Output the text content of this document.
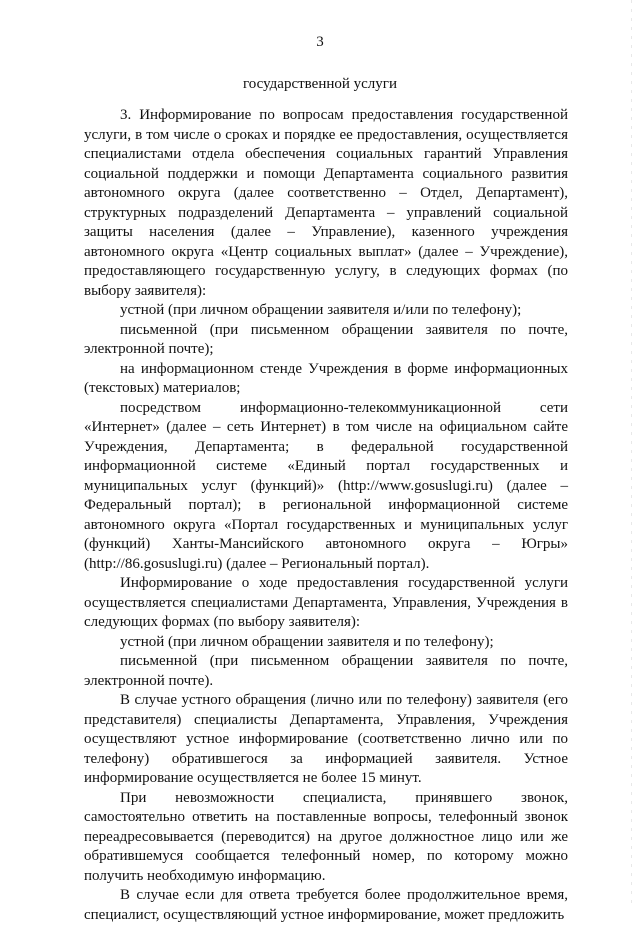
3
государственной услуги

3. Информирование по вопросам предоставления государственной услуги, в том числе о сроках и порядке ее предоставления, осуществляется специалистами отдела обеспечения социальных гарантий Управления социальной поддержки и помощи Департамента социального развития автономного округа (далее соответственно – Отдел, Департамент), структурных подразделений Департамента – управлений социальной защиты населения (далее – Управление), казенного учреждения автономного округа «Центр социальных выплат» (далее – Учреждение), предоставляющего государственную услугу, в следующих формах (по выбору заявителя):

устной (при личном обращении заявителя и/или по телефону);

письменной (при письменном обращении заявителя по почте, электронной почте);

на информационном стенде Учреждения в форме информационных (текстовых) материалов;

посредством информационно-телекоммуникационной сети «Интернет» (далее – сеть Интернет) в том числе на официальном сайте Учреждения, Департамента; в федеральной государственной информационной системе «Единый портал государственных и муниципальных услуг (функций)» (http://www.gosuslugi.ru) (далее – Федеральный портал); в региональной информационной системе автономного округа «Портал государственных и муниципальных услуг (функций) Ханты-Мансийского автономного округа – Югры» (http://86.gosuslugi.ru) (далее – Региональный портал).

Информирование о ходе предоставления государственной услуги осуществляется специалистами Департамента, Управления, Учреждения в следующих формах (по выбору заявителя):

устной (при личном обращении заявителя и по телефону);

письменной (при письменном обращении заявителя по почте, электронной почте).

В случае устного обращения (лично или по телефону) заявителя (его представителя) специалисты Департамента, Управления, Учреждения осуществляют устное информирование (соответственно лично или по телефону) обратившегося за информацией заявителя. Устное информирование осуществляется не более 15 минут.

При невозможности специалиста, принявшего звонок, самостоятельно ответить на поставленные вопросы, телефонный звонок переадресовывается (переводится) на другое должностное лицо или же обратившемуся сообщается телефонный номер, по которому можно получить необходимую информацию.

В случае если для ответа требуется более продолжительное время, специалист, осуществляющий устное информирование, может предложить
